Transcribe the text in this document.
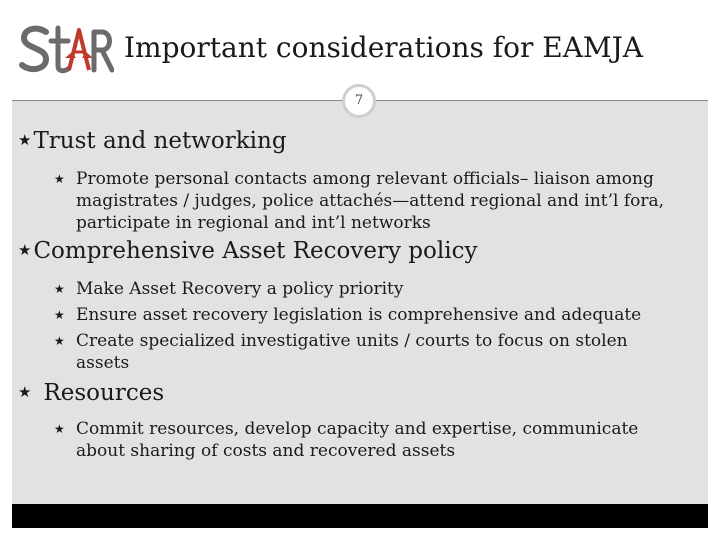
Important considerations for EAMJA
7
★Trust and networking
★ Promote personal contacts among relevant officials– liaison among magistrates / judges, police attachés—attend regional and int’l fora, participate in regional and int’l networks
★Comprehensive Asset Recovery policy
★ Make Asset Recovery a policy priority
★ Ensure asset recovery legislation is comprehensive and adequate
★ Create specialized investigative units / courts to focus on stolen assets
★ Resources
★ Commit resources, develop capacity and expertise, communicate about sharing of costs and recovered assets
